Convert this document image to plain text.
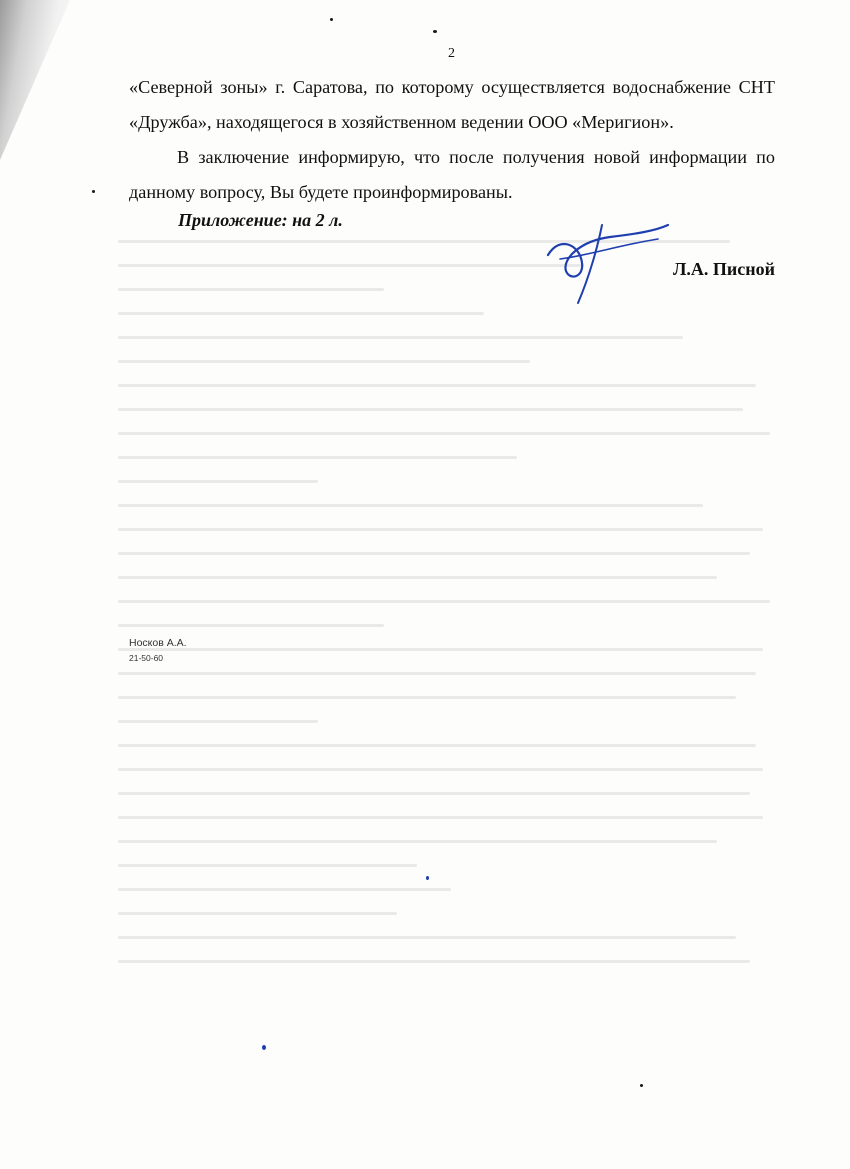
2

«Северной зоны» г. Саратова, по которому осуществляется водоснабжение СНТ «Дружба», находящегося в хозяйственном ведении ООО «Меригион».

В заключение информирую, что после получения новой информации по данному вопросу, Вы будете проинформированы.

Приложение: на 2 л.
Л.А. Писной
Носков А.А.
21-50-60
